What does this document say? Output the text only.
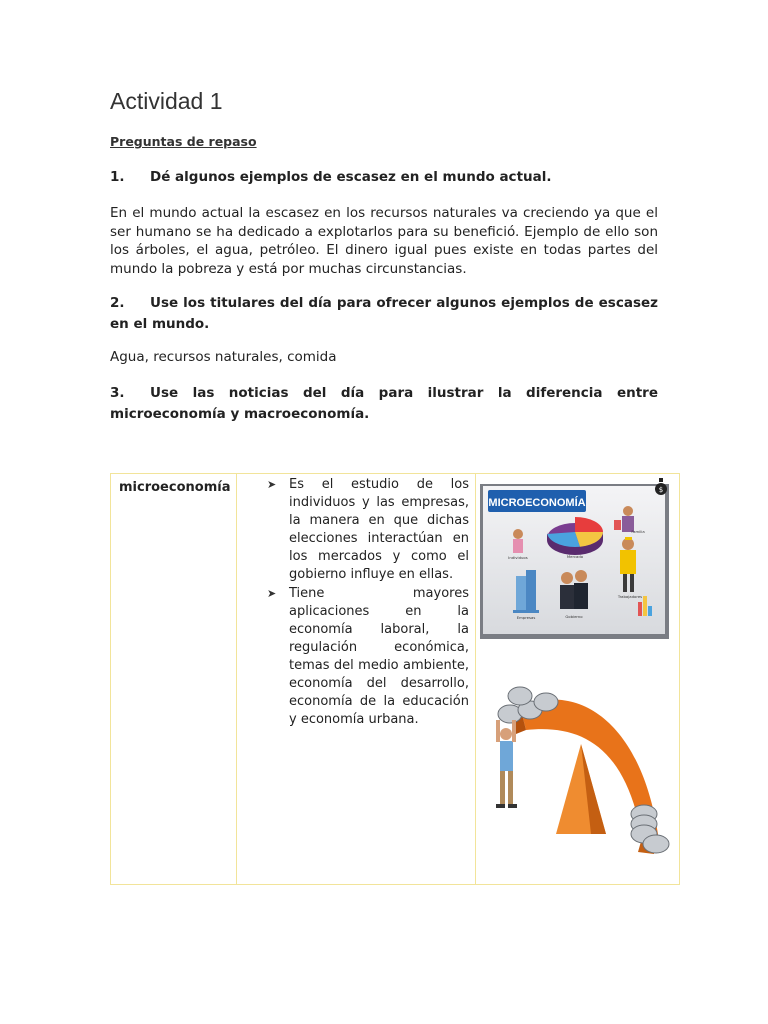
Actividad 1
Preguntas de repaso
1. Dé algunos ejemplos de escasez en el mundo actual.
En el mundo actual la escasez en los recursos naturales va creciendo ya que el ser humano se ha dedicado a explotarlos para su benefició. Ejemplo de ello son los árboles, el agua, petróleo. El dinero igual pues existe en todas partes del mundo la pobreza y está por muchas circunstancias.
2. Use los titulares del día para ofrecer algunos ejemplos de escasez en el mundo.
Agua, recursos naturales, comida
3. Use las noticias del día para ilustrar la diferencia entre microeconomía y macroeconomía.
microeconomía	➤ Es el estudio de los individuos y las empresas, la manera en que dichas elecciones interactúan en los mercados y como el gobierno influye en ellas.
➤ Tiene mayores aplicaciones en la economía laboral, la regulación económica, temas del medio ambiente, economía del desarrollo, economía de la educación y economía urbana.

$
MICROECONOMÍA
Individuos	Mercado
Familia
Empresas	Gobierno
Trabajadores
